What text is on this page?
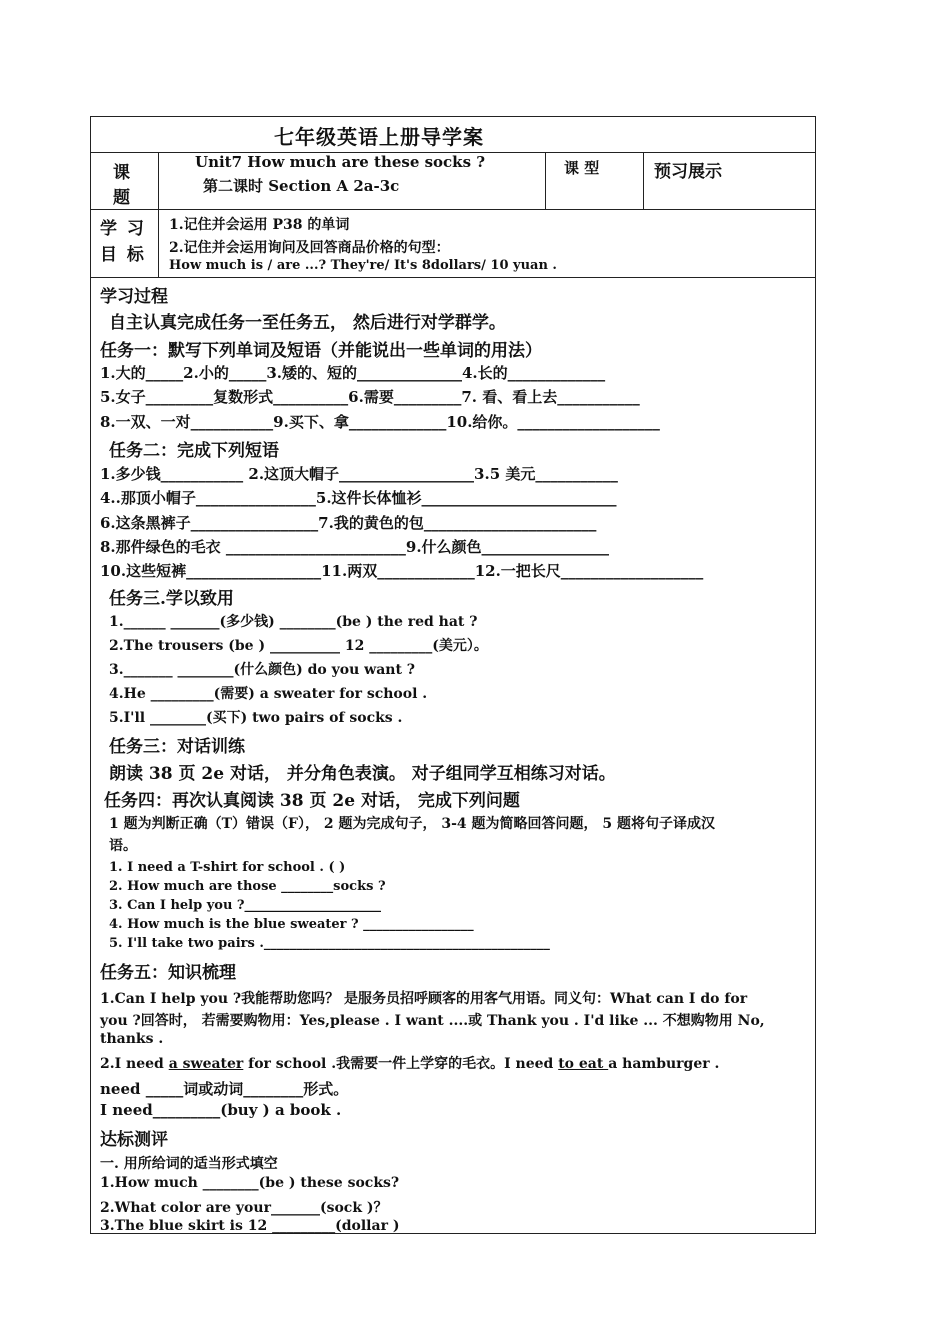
七年级英语上册导学案
课
题
Unit7 How much are these socks ?
第二课时 Section A 2a-3c
课 型	预习展示
学 习
目 标
1.记住并会运用 P38 的单词
2.记住并会运用询问及回答商品价格的句型：
How much is / are ...? They're/ It's 8dollars/ 10 yuan .
学习过程
自主认真完成任务一至任务五， 然后进行对学群学。
任务一：默写下列单词及短语（并能说出一些单词的用法）
1.大的_____2.小的_____3.矮的、短的______________4.长的_____________
5.女子_________复数形式__________6.需要_________7. 看、看上去___________
8.一双、一对___________9.买下、拿_____________10.给你。___________________
任务二：完成下列短语
1.多少钱___________ 2.这顶大帽子__________________3.5 美元___________
4..那顶小帽子________________5.这件长体恤衫__________________________
6.这条黑裤子_________________7.我的黄色的包_______________________
8.那件绿色的毛衣 ________________________9.什么颜色_________________
10.这些短裤__________________11.两双_____________12.一把长尺___________________
任务三.学以致用
1.______ _______(多少钱) ________(be ) the red hat ?
2.The trousers (be ) __________ 12 _________(美元）。
3._______ ________(什么颜色) do you want ?
4.He _________(需要) a sweater for school .
5.I'll ________(买下) two pairs of socks .
任务三：对话训练
朗读 38 页 2e 对话， 并分角色表演。 对子组同学互相练习对话。
任务四：再次认真阅读 38 页 2e 对话， 完成下列问题
1 题为判断正确（T）错误（F）， 2 题为完成句子， 3-4 题为简略回答问题， 5 题将句子译成汉
语。
1. I need a T-shirt for school . ( )
2. How much are those ________socks ?
3. Can I help you ?_____________________
4. How much is the blue sweater ? _________________
5. I'll take two pairs .____________________________________________
任务五：知识梳理
1.Can I help you ?我能帮助您吗？ 是服务员招呼顾客的用客气用语。同义句：What can I do for
you ?回答时， 若需要购物用：Yes,please . I want ....或 Thank you . I'd like ... 不想购物用 No,
thanks .
2.I need a sweater for school .我需要一件上学穿的毛衣。I need to eat a hamburger .
need _____词或动词________形式。
I need_________(buy ) a book .
达标测评
一. 用所给词的适当形式填空
1.How much ________(be ) these socks?
2.What color are your_______(sock )？
3.The blue skirt is 12 _________(dollar )
